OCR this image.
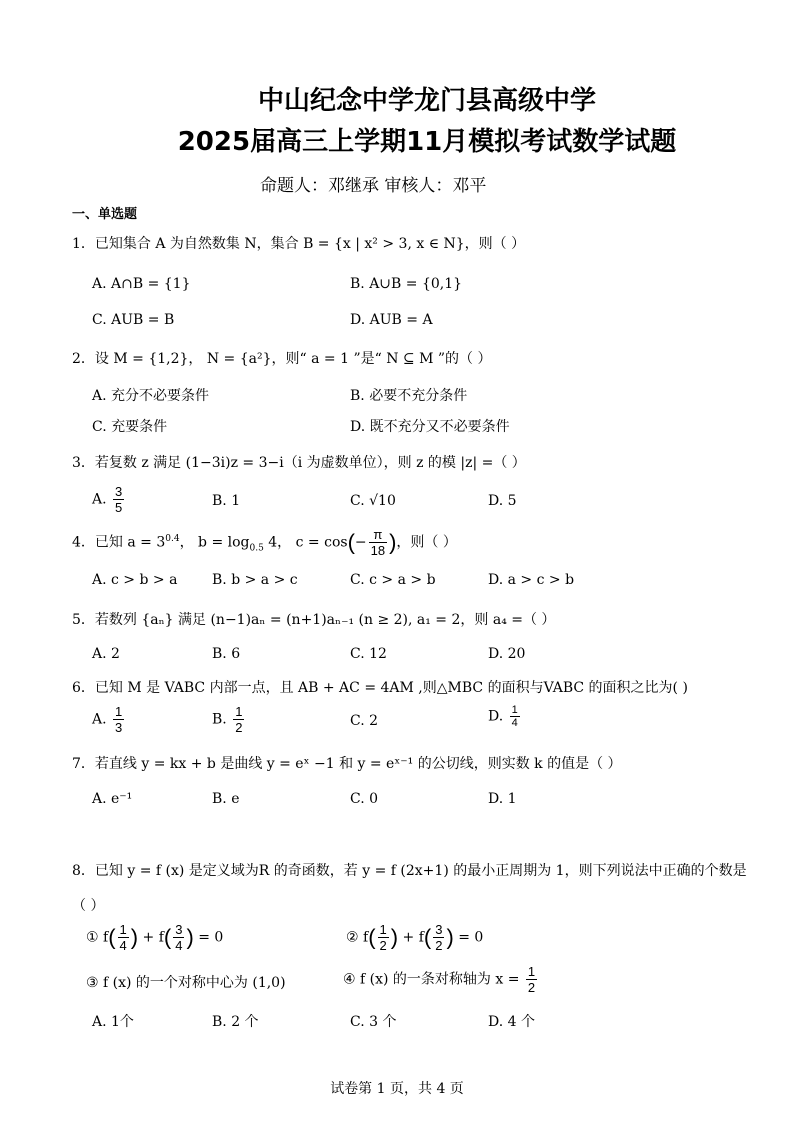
中山纪念中学龙门县高级中学
2025届高三上学期11月模拟考试数学试题
命题人：邓继承 审核人：邓平
一、单选题
1．已知集合 A 为自然数集 N，集合 B = {x | x² > 3, x ∈ N}，则（ ）
A. A∩B = {1}	B. A∪B = {0,1}
C. AUB = B	D. AUB = A
2．设 M = {1,2}， N = {a²}，则“ a = 1 ”是“ N ⊆ M ”的（ ）
A. 充分不必要条件	B. 必要不充分条件
C. 充要条件	D. 既不充分又不必要条件
3．若复数 z 满足 (1−3i)z = 3−i（i 为虚数单位），则 z 的模 |z| =（ ）
A. $\frac{3}{5}$	B. 1	C. √10	D. 5
4．已知 $a = 3^{0.4}$， $b = \log_{0.5} 4$， $c = \cos(- \frac{\pi}{18}$ )，则（ ）
A. c > b > a B. b > a > c	C. c > a > b	D. a > c > b
5．若数列 {aₙ} 满足 (n−1)aₙ = (n+1)aₙ₋₁ (n ≥ 2), a₁ = 2，则 a₄ =（ ）
A. 2	B. 6	C. 12	D. 20
6．已知 M 是 VABC 内部一点，且 AB + AC = 4AM ,则△MBC 的面积与VABC 的面积之比为( )
A. $\frac{1}{3}$	B. $\frac{1}{2}$	C. 2	D. $\frac{1}{4}$
7．若直线 y = kx + b 是曲线 y = eˣ −1 和 y = eˣ⁻¹ 的公切线，则实数 k 的值是（ ）
A. e⁻¹	B. e	C. 0	D. 1
8．已知 y = f (x) 是定义域为R 的奇函数，若 y = f (2x+1) 的最小正周期为 1，则下列说法中正确的个数是
（ ）
① $f( \frac{1}{4}$ ) + $f( \frac{3}{4}$ ) = 0	② $f( \frac{1}{2}$ ) + $f( \frac{3}{2}$ ) = 0
③ f (x) 的一个对称中心为 (1,0)	④ f (x) 的一条对称轴为 $x = \frac{1}{2}$
A. 1个	B. 2 个	C. 3 个	D. 4 个
试卷第 1 页，共 4 页
